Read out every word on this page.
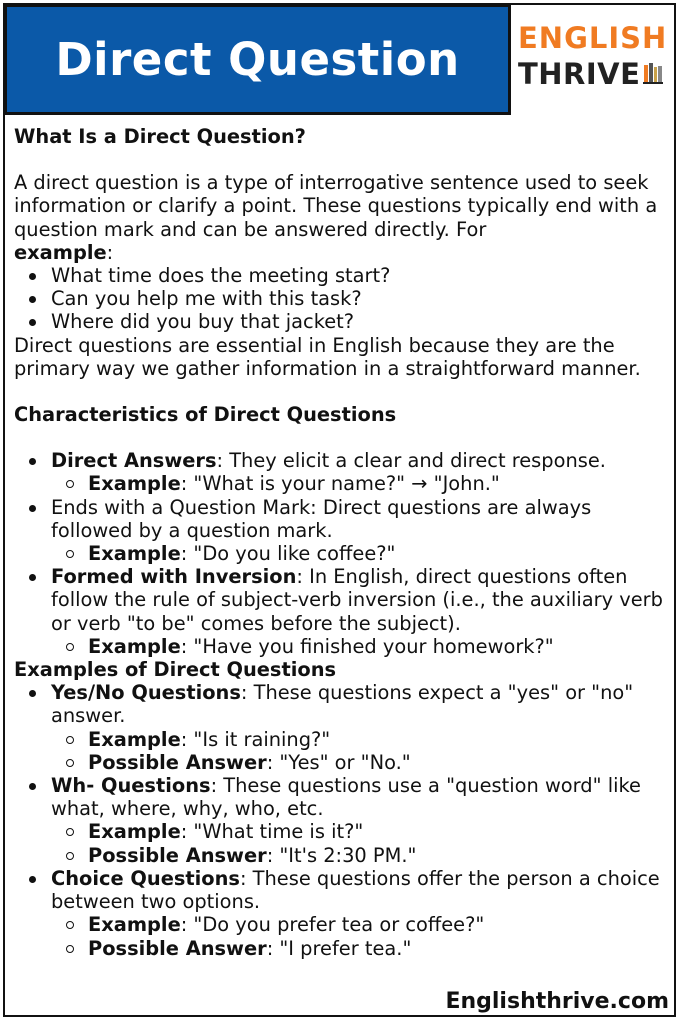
Direct Question ENGLISH
THRIVE

What Is a Direct Question?

A direct question is a type of interrogative sentence used to seek information or clarify a point. These questions typically end with a question mark and can be answered directly. For
example:

What time does the meeting start?
Can you help me with this task?
Where did you buy that jacket?

Direct questions are essential in English because they are the primary way we gather information in a straightforward manner.

Characteristics of Direct Questions

Direct Answers: They elicit a clear and direct response.
Example: "What is your name?" → "John."
Ends with a Question Mark: Direct questions are always followed by a question mark.
Example: "Do you like coffee?"
Formed with Inversion: In English, direct questions often follow the rule of subject-verb inversion (i.e., the auxiliary verb or verb "to be" comes before the subject).
Example: "Have you finished your homework?"

Examples of Direct Questions

Yes/No Questions: These questions expect a "yes" or "no" answer.
Example: "Is it raining?"
Possible Answer: "Yes" or "No."
Wh- Questions: These questions use a "question word" like what, where, why, who, etc.
Example: "What time is it?"
Possible Answer: "It's 2:30 PM."
Choice Questions: These questions offer the person a choice between two options.
Example: "Do you prefer tea or coffee?"
Possible Answer: "I prefer tea."
Englishthrive.com
